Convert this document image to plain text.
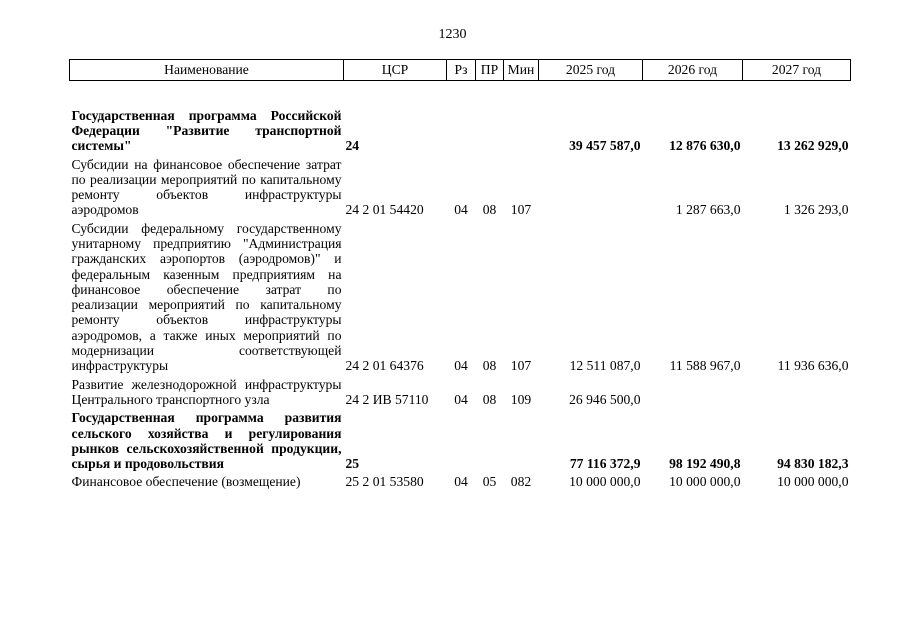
1230
Наименование	ЦСР	Рз	ПР	Мин	2025 год	2026 год	2027 год
Государственная программа Российской Федерации "Развитие транспортной системы"	24				39 457 587,0	12 876 630,0	13 262 929,0
Субсидии на финансовое обеспечение затрат по реализации мероприятий по капитальному ремонту объектов инфраструктуры аэродромов	24 2 01 54420	04	08	107		1 287 663,0	1 326 293,0
Субсидии федеральному государственному унитарному предприятию "Администрация гражданских аэропортов (аэродромов)" и федеральным казенным предприятиям на финансовое обеспечение затрат по реализации мероприятий по капитальному ремонту объектов инфраструктуры аэродромов, а также иных мероприятий по модернизации соответствующей инфраструктуры	24 2 01 64376	04	08	107	12 511 087,0	11 588 967,0	11 936 636,0
Развитие железнодорожной инфраструктуры Центрального транспортного узла	24 2 ИВ 57110	04	08	109	26 946 500,0		
Государственная программа развития сельского хозяйства и регулирования рынков сельскохозяйственной продукции, сырья и продовольствия	25				77 116 372,9	98 192 490,8	94 830 182,3
Финансовое обеспечение (возмещение)	25 2 01 53580	04	05	082	10 000 000,0	10 000 000,0	10 000 000,0
